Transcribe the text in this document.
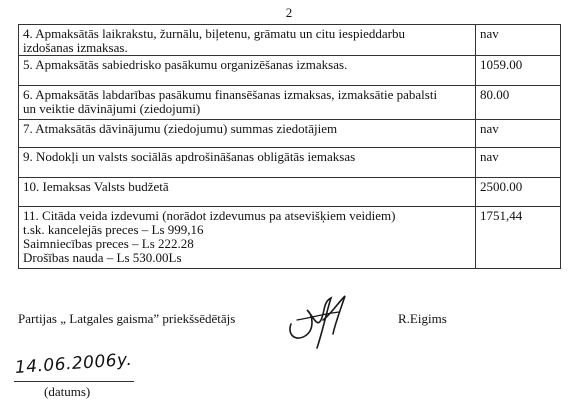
2
4. Apmaksātās laikrakstu, žurnālu, biļetenu, grāmatu un citu iespieddarbu
izdošanas izmaksas.	nav

5. Apmaksātās sabiedrisko pasākumu organizēšanas izmaksas.	1059.00

6. Apmaksātās labdarības pasākumu finansēšanas izmaksas, izmaksātie pabalsti
un veiktie dāvinājumi (ziedojumi)	80.00

7. Atmaksātās dāvinājumu (ziedojumu) summas ziedotājiem	nav

9. Nodokļi un valsts sociālās apdrošināšanas obligātās iemaksas	nav

10. Iemaksas Valsts budžetā	2500.00

11. Citāda veida izdevumi (norādot izdevumus pa atsevišķiem veidiem)
t.sk. kancelejās preces – Ls 999,16
Saimniecības preces – Ls 222.28
Drošības nauda – Ls 530.00Ls	1751,44
Partijas „ Latgales gaisma” priekšsēdētājs	R.Eigims
14.06.2006y.
(datums)
